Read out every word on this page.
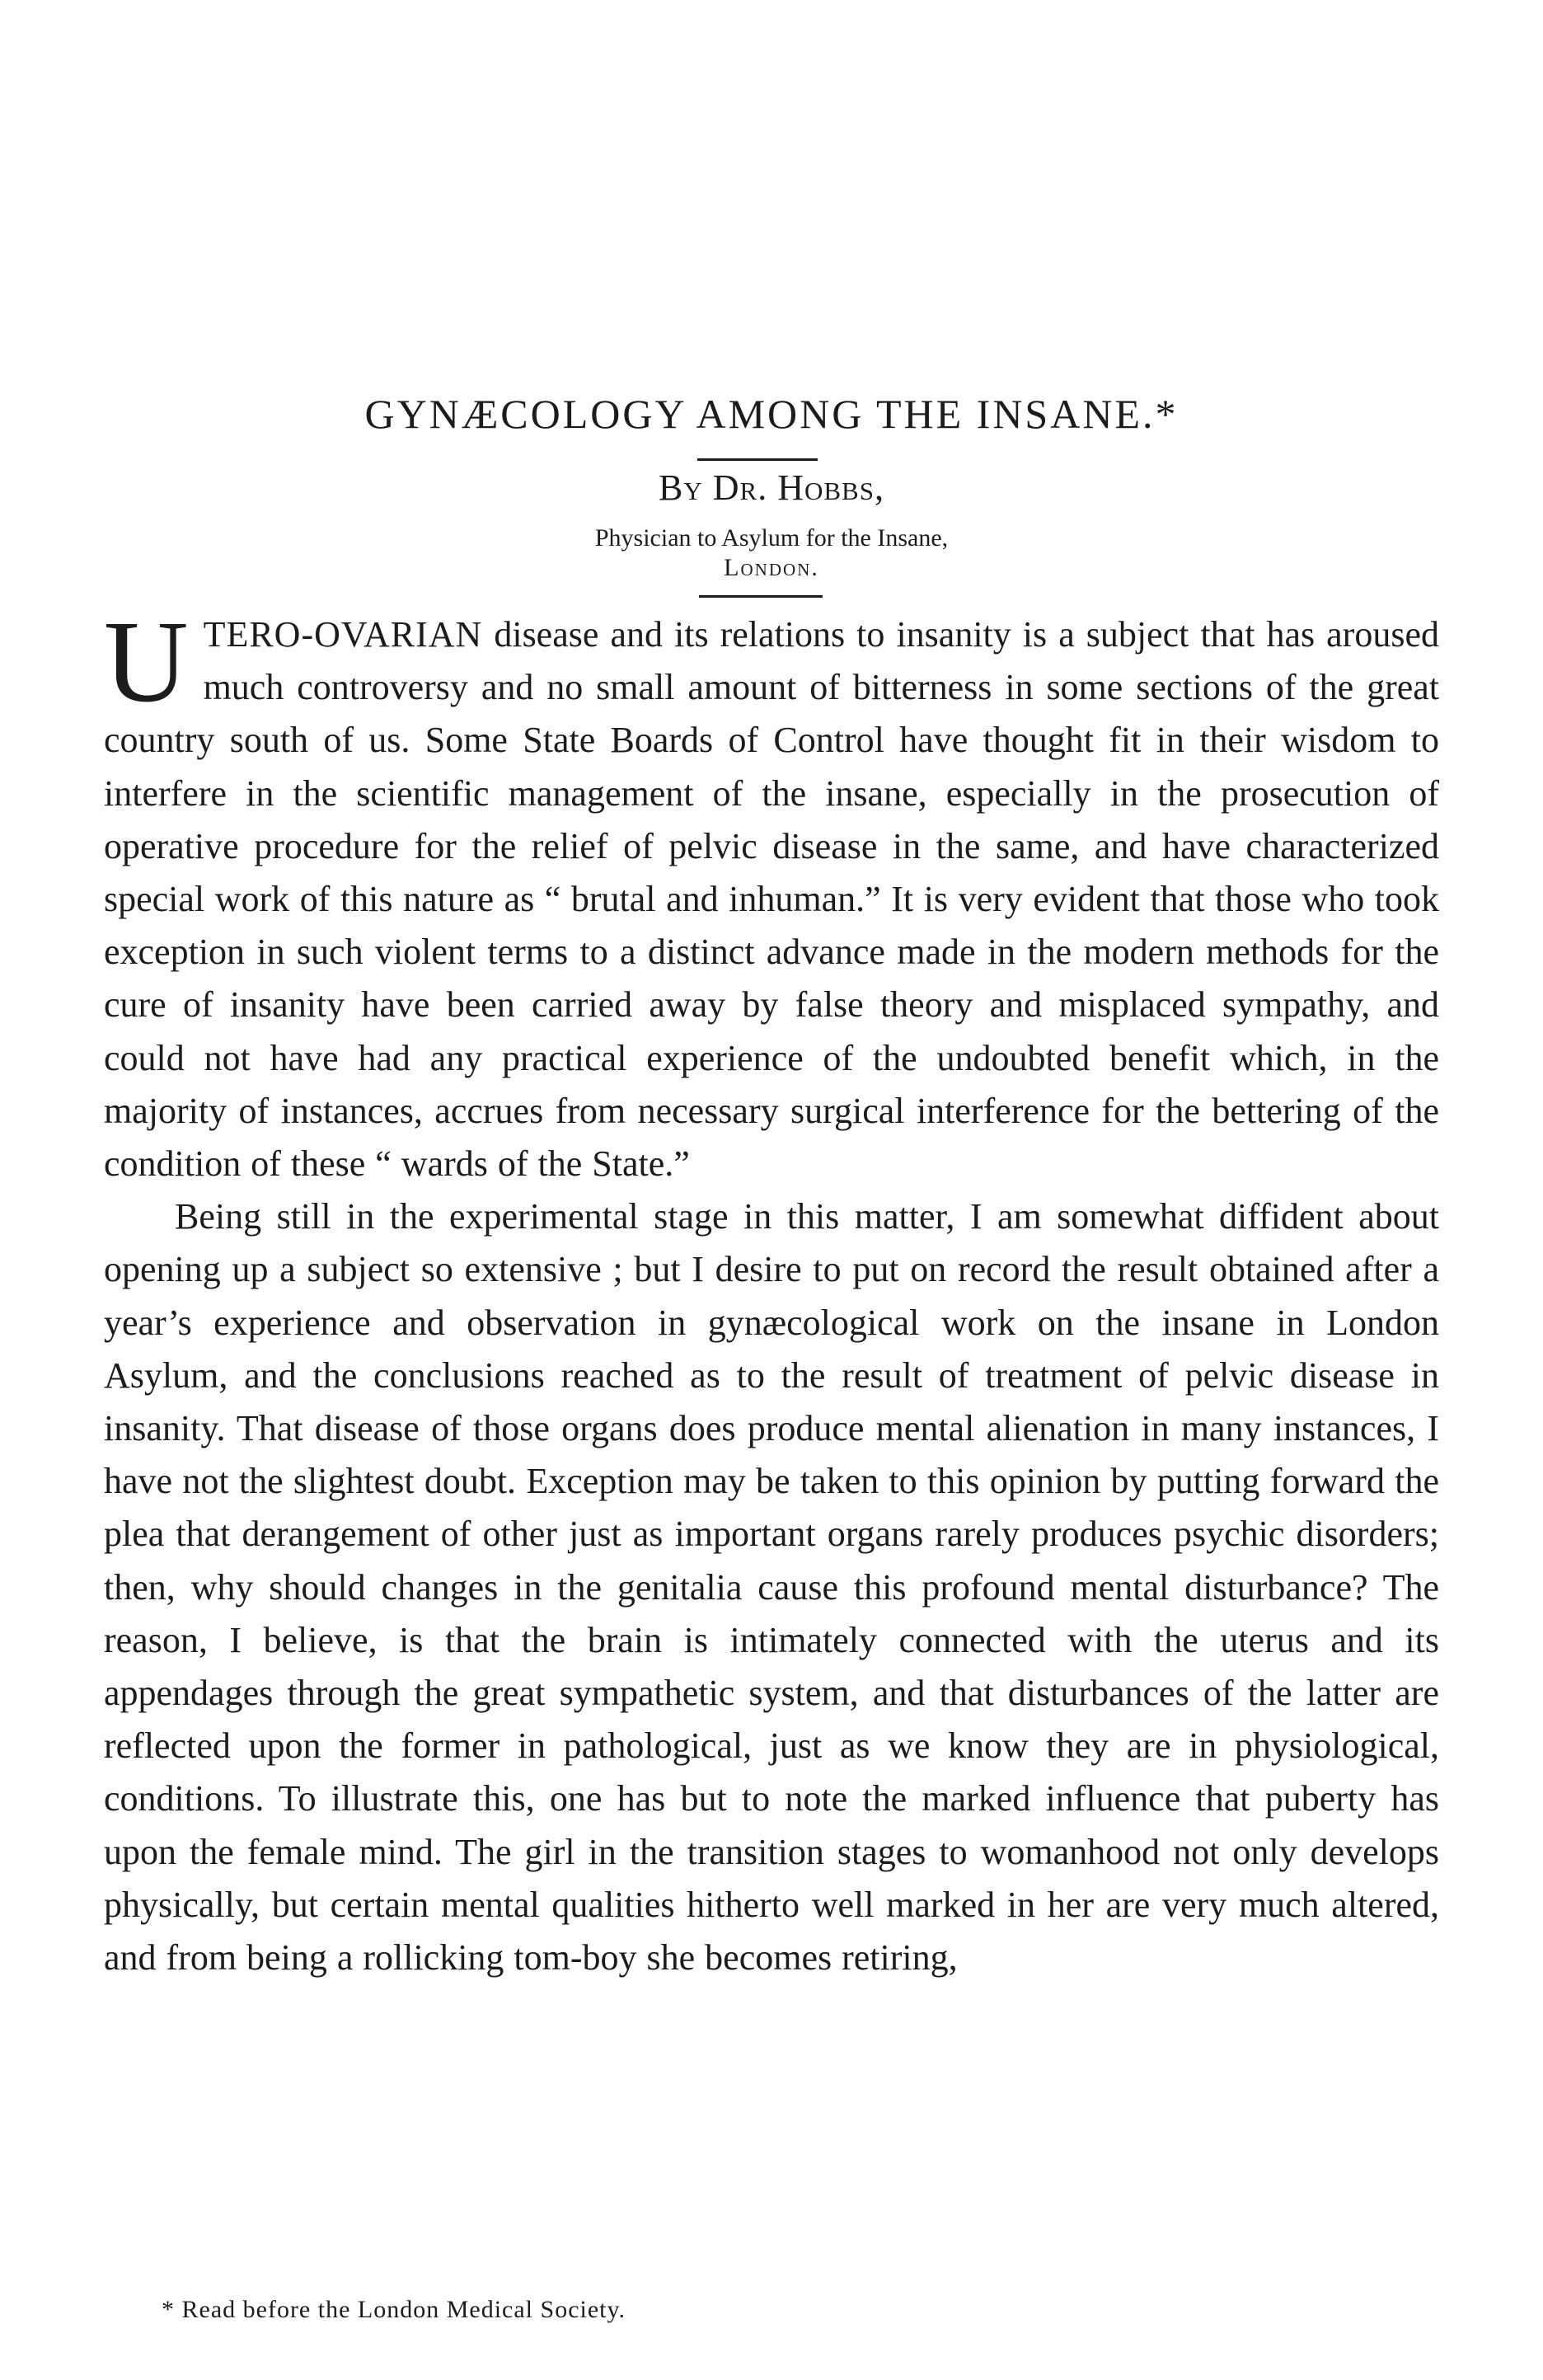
GYNÆCOLOGY AMONG THE INSANE.*
By Dr. Hobbs,
Physician to Asylum for the Insane,
London.

UTERO-OVARIAN disease and its relations to insanity is a subject that has aroused much controversy and no small amount of bitterness in some sections of the great country south of us. Some State Boards of Control have thought fit in their wisdom to interfere in the scientific management of the insane, especially in the prosecution of operative procedure for the relief of pelvic disease in the same, and have characterized special work of this nature as “ brutal and inhuman.” It is very evident that those who took exception in such violent terms to a distinct advance made in the modern methods for the cure of insanity have been carried away by false theory and misplaced sympathy, and could not have had any practical experience of the undoubted benefit which, in the majority of instances, accrues from necessary surgical interference for the bettering of the condition of these “ wards of the State.”

Being still in the experimental stage in this matter, I am somewhat diffident about opening up a subject so extensive ; but I desire to put on record the result obtained after a year’s experience and observation in gynæcological work on the insane in London Asylum, and the conclusions reached as to the result of treatment of pelvic disease in insanity. That disease of those organs does produce mental alienation in many instances, I have not the slightest doubt. Exception may be taken to this opinion by putting forward the plea that derangement of other just as important organs rarely produces psychic disorders; then, why should changes in the genitalia cause this profound mental disturbance? The reason, I believe, is that the brain is intimately connected with the uterus and its appendages through the great sympathetic system, and that disturbances of the latter are reflected upon the former in pathological, just as we know they are in physiological, conditions. To illustrate this, one has but to note the marked influence that puberty has upon the female mind. The girl in the transition stages to womanhood not only develops physically, but certain mental qualities hitherto well marked in her are very much altered, and from being a rollicking tom-boy she becomes retiring,

* Read before the London Medical Society.
